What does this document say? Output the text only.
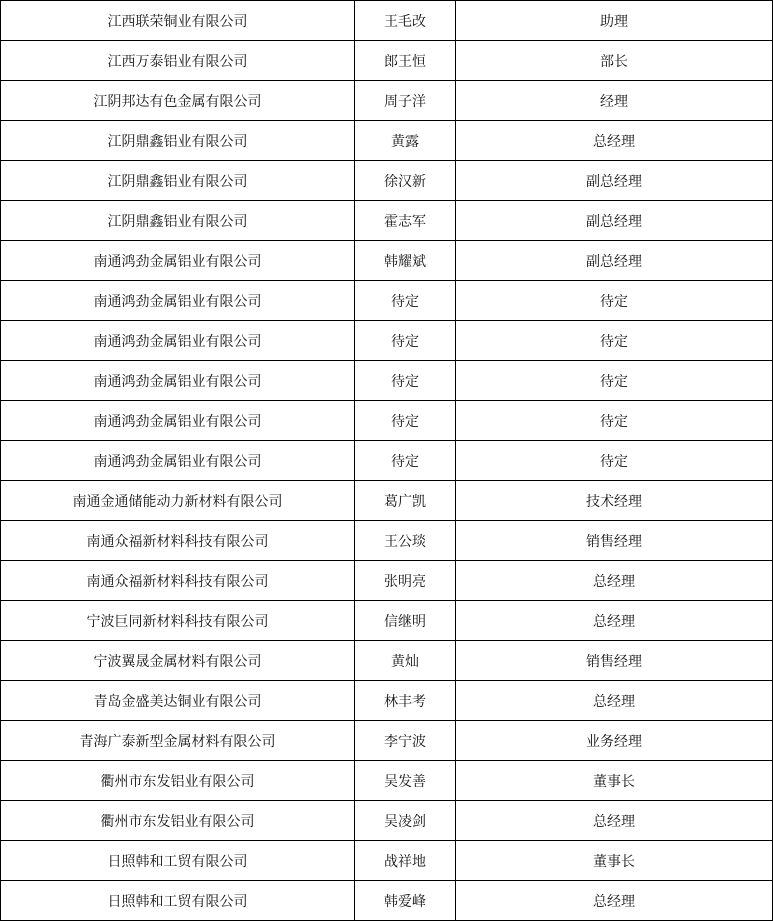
江西联荣铜业有限公司	王毛改	助理
江西万泰铝业有限公司	郎王恒	部长
江阴邦达有色金属有限公司	周子洋	经理
江阴鼎鑫铝业有限公司	黄露	总经理
江阴鼎鑫铝业有限公司	徐汉新	副总经理
江阴鼎鑫铝业有限公司	霍志军	副总经理
南通鸿劲金属铝业有限公司	韩耀斌	副总经理
南通鸿劲金属铝业有限公司	待定	待定
南通鸿劲金属铝业有限公司	待定	待定
南通鸿劲金属铝业有限公司	待定	待定
南通鸿劲金属铝业有限公司	待定	待定
南通鸿劲金属铝业有限公司	待定	待定
南通金通储能动力新材料有限公司	葛广凯	技术经理
南通众福新材料科技有限公司	王公琰	销售经理
南通众福新材料科技有限公司	张明亮	总经理
宁波巨同新材料科技有限公司	信继明	总经理
宁波翼晟金属材料有限公司	黄灿	销售经理
青岛金盛美达铜业有限公司	林丰考	总经理
青海广泰新型金属材料有限公司	李宁波	业务经理
衢州市东发铝业有限公司	吴发善	董事长
衢州市东发铝业有限公司	吴凌剑	总经理
日照韩和工贸有限公司	战祥地	董事长
日照韩和工贸有限公司	韩爱峰	总经理
